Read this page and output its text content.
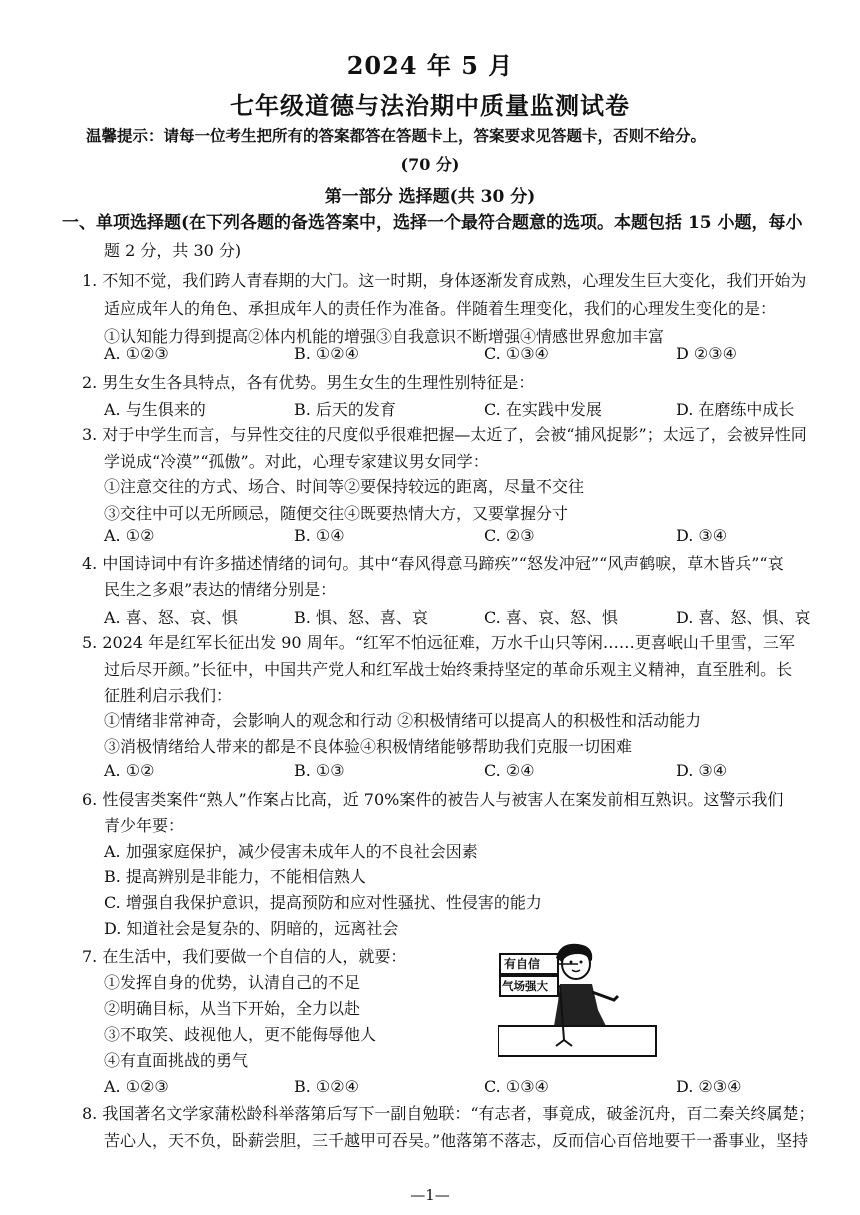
2024 年 5 月
七年级道德与法治期中质量监测试卷
温馨提示：请每一位考生把所有的答案都答在答题卡上，答案要求见答题卡，否则不给分。
(70 分)
第一部分 选择题(共 30 分)
一、单项选择题(在下列各题的备选答案中，选择一个最符合题意的选项。本题包括 15 小题，每小
题 2 分，共 30 分)
1. 不知不觉，我们跨人青春期的大门。这一时期，身体逐渐发育成熟，心理发生巨大变化，我们开始为
适应成年人的角色、承担成年人的责任作为准备。伴随着生理变化，我们的心理发生变化的是：
①认知能力得到提高②体内机能的增强③自我意识不断增强④情感世界愈加丰富
A. ①②③	B. ①②④	C. ①③④	D ②③④
2. 男生女生各具特点，各有优势。男生女生的生理性别特征是：
A. 与生俱来的	B. 后天的发育	C. 在实践中发展	D. 在磨练中成长
3. 对于中学生而言，与异性交往的尺度似乎很难把握—太近了，会被“捕风捉影”；太远了，会被异性同
学说成“冷漠”“孤傲”。对此，心理专家建议男女同学：
①注意交往的方式、场合、时间等②要保持较远的距离，尽量不交往
③交往中可以无所顾忌，随便交往④既要热情大方，又要掌握分寸
A. ①②	B. ①④	C. ②③	D. ③④
4. 中国诗词中有许多描述情绪的词句。其中“春风得意马蹄疾”“怒发冲冠”“风声鹤唳，草木皆兵”“哀
民生之多艰”表达的情绪分别是：
A. 喜、怒、哀、惧	B. 惧、怒、喜、哀	C. 喜、哀、怒、惧	D. 喜、怒、惧、哀
5. 2024 年是红军长征出发 90 周年。“红军不怕远征难，万水千山只等闲……更喜岷山千里雪，三军
过后尽开颜。”长征中，中国共产党人和红军战士始终秉持坚定的革命乐观主义精神，直至胜利。长
征胜利启示我们：
①情绪非常神奇，会影响人的观念和行动 ②积极情绪可以提高人的积极性和活动能力
③消极情绪给人带来的都是不良体验④积极情绪能够帮助我们克服一切困难
A. ①②	B. ①③	C. ②④	D. ③④
6. 性侵害类案件“熟人”作案占比高，近 70%案件的被告人与被害人在案发前相互熟识。这警示我们
青少年要：
A. 加强家庭保护，减少侵害未成年人的不良社会因素
B. 提高辨别是非能力，不能相信熟人
C. 增强自我保护意识，提高预防和应对性骚扰、性侵害的能力
D. 知道社会是复杂的、阴暗的，远离社会
7. 在生活中，我们要做一个自信的人，就要：
①发挥自身的优势，认清自己的不足
②明确目标，从当下开始，全力以赴
③不取笑、歧视他人，更不能侮辱他人
④有直面挑战的勇气
A. ①②③	B. ①②④	C. ①③④	D. ②③④
有自信
气场强大
8. 我国著名文学家蒲松龄科举落第后写下一副自勉联：“有志者，事竟成，破釜沉舟，百二秦关终属楚；
苦心人，天不负，卧薪尝胆，三千越甲可吞吴。”他落第不落志，反而信心百倍地要干一番事业，坚持
—1—
